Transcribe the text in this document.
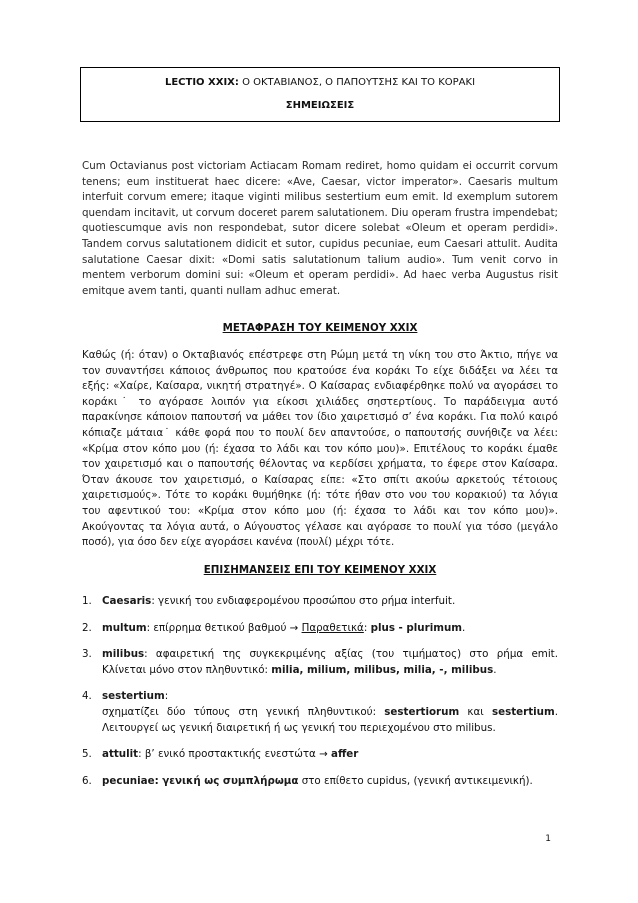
LECTIO XXIX: Ο ΟΚΤΑΒΙΑΝΟΣ, Ο ΠΑΠΟΥΤΣΗΣ ΚΑΙ ΤΟ ΚΟΡΑΚΙ
ΣΗΜΕΙΩΣΕΙΣ

Cum Octavianus post victoriam Actiacam Romam rediret, homo quidam ei occurrit corvum tenens; eum instituerat haec dicere: «Ave, Caesar, victor imperator». Caesaris multum interfuit corvum emere; itaque viginti milibus sestertium eum emit. Id exemplum sutorem quendam incitavit, ut corvum doceret parem salutationem. Diu operam frustra impendebat; quotiescumque avis non respondebat, sutor dicere solebat «Oleum et operam perdidi». Tandem corvus salutationem didicit et sutor, cupidus pecuniae, eum Caesari attulit. Audita salutatione Caesar dixit: «Domi satis salutationum talium audio». Tum venit corvo in mentem verborum domini sui: «Oleum et operam perdidi». Ad haec verba Augustus risit emitque avem tanti, quanti nullam adhuc emerat.

ΜΕΤΑΦΡΑΣΗ ΤΟΥ ΚΕΙΜΕΝΟΥ XXIX

Καθώς (ή: όταν) ο Οκταβιανός επέστρεφε στη Ρώμη μετά τη νίκη του στο Άκτιο, πήγε να τον συναντήσει κάποιος άνθρωπος που κρατούσε ένα κοράκι Το είχε διδάξει να λέει τα εξής: «Χαίρε, Καίσαρα, νικητή στρατηγέ». Ο Καίσαρας ενδιαφέρθηκε πολύ να αγοράσει το κοράκι˙ το αγόρασε λοιπόν για είκοσι χιλιάδες σηστερτίους. Το παράδειγμα αυτό παρακίνησε κάποιον παπουτσή να μάθει τον ίδιο χαιρετισμό σ’ ένα κοράκι. Για πολύ καιρό κόπιαζε μάταια˙ κάθε φορά που το πουλί δεν απαντούσε, ο παπουτσής συνήθιζε να λέει: «Κρίμα στον κόπο μου (ή: έχασα το λάδι και τον κόπο μου)». Επιτέλους το κοράκι έμαθε τον χαιρετισμό και ο παπουτσής θέλοντας να κερδίσει χρήματα, το έφερε στον Καίσαρα. Όταν άκουσε τον χαιρετισμό, ο Καίσαρας είπε: «Στο σπίτι ακούω αρκετούς τέτοιους χαιρετισμούς». Τότε το κοράκι θυμήθηκε (ή: τότε ήθαν στο νου του κορακιού) τα λόγια του αφεντικού του: «Κρίμα στον κόπο μου (ή: έχασα το λάδι και τον κόπο μου)». Ακούγοντας τα λόγια αυτά, ο Αύγουστος γέλασε και αγόρασε το πουλί για τόσο (μεγάλο ποσό), για όσο δεν είχε αγοράσει κανένα (πουλί) μέχρι τότε.

ΕΠΙΣΗΜΑΝΣΕΙΣ ΕΠΙ ΤΟΥ ΚΕΙΜΕΝΟΥ XXIX
1. Caesaris: γενική του ενδιαφερομένου προσώπου στο ρήμα interfuit.
2. multum: επίρρημα θετικού βαθμού → Παραθετικά: plus - plurimum.
3. milibus: αφαιρετική της συγκεκριμένης αξίας (του τιμήματος) στο ρήμα emit. Κλίνεται μόνο στον πληθυντικό: milia, milium, milibus, milia, -, milibus.
4. sestertium:
σχηματίζει δύο τύπους στη γενική πληθυντικού: sestertiorum και sestertium. Λειτουργεί ως γενική διαιρετική ή ως γενική του περιεχομένου στο milibus.
5. attulit: β’ ενικό προστακτικής ενεστώτα → affer
6. pecuniae: γενική ως συμπλήρωμα στο επίθετο cupidus, (γενική αντικειμενική).
1
